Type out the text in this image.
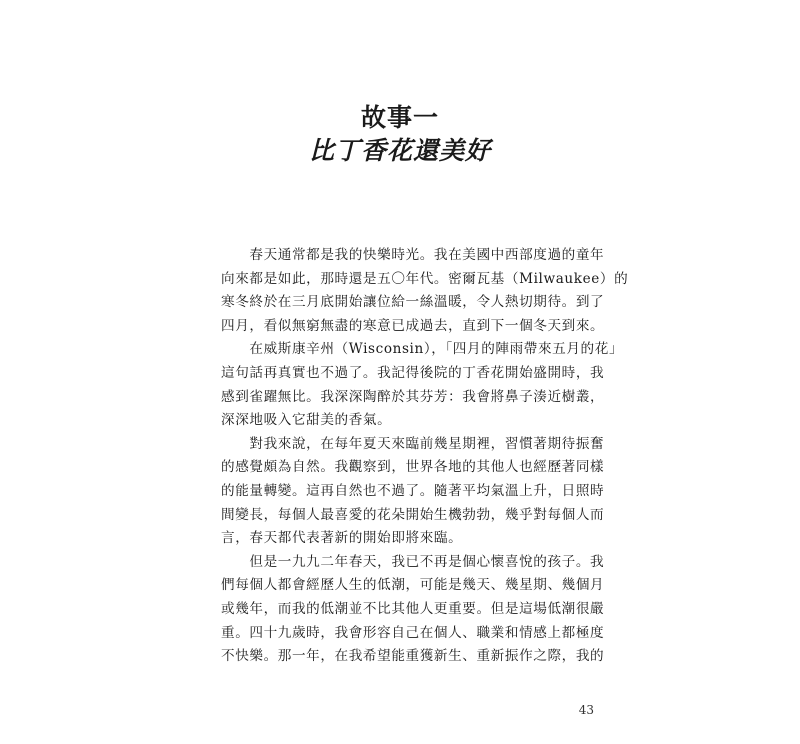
故事一
比丁香花還美好
　　春天通常都是我的快樂時光。我在美國中西部度過的童年
向來都是如此，那時還是五〇年代。密爾瓦基（Milwaukee）的
寒冬終於在三月底開始讓位給一絲溫暖，令人熱切期待。到了
四月，看似無窮無盡的寒意已成過去，直到下一個冬天到來。
　　在威斯康辛州（Wisconsin），「四月的陣雨帶來五月的花」
這句話再真實也不過了。我記得後院的丁香花開始盛開時，我
感到雀躍無比。我深深陶醉於其芬芳：我會將鼻子湊近樹叢，
深深地吸入它甜美的香氣。
　　對我來說，在每年夏天來臨前幾星期裡，習慣著期待振奮
的感覺頗為自然。我觀察到，世界各地的其他人也經歷著同樣
的能量轉變。這再自然也不過了。隨著平均氣溫上升，日照時
間變長，每個人最喜愛的花朵開始生機勃勃，幾乎對每個人而
言，春天都代表著新的開始即將來臨。
　　但是一九九二年春天，我已不再是個心懷喜悅的孩子。我
們每個人都會經歷人生的低潮，可能是幾天、幾星期、幾個月
或幾年，而我的低潮並不比其他人更重要。但是這場低潮很嚴
重。四十九歲時，我會形容自己在個人、職業和情感上都極度
不快樂。那一年，在我希望能重獲新生、重新振作之際，我的
43
